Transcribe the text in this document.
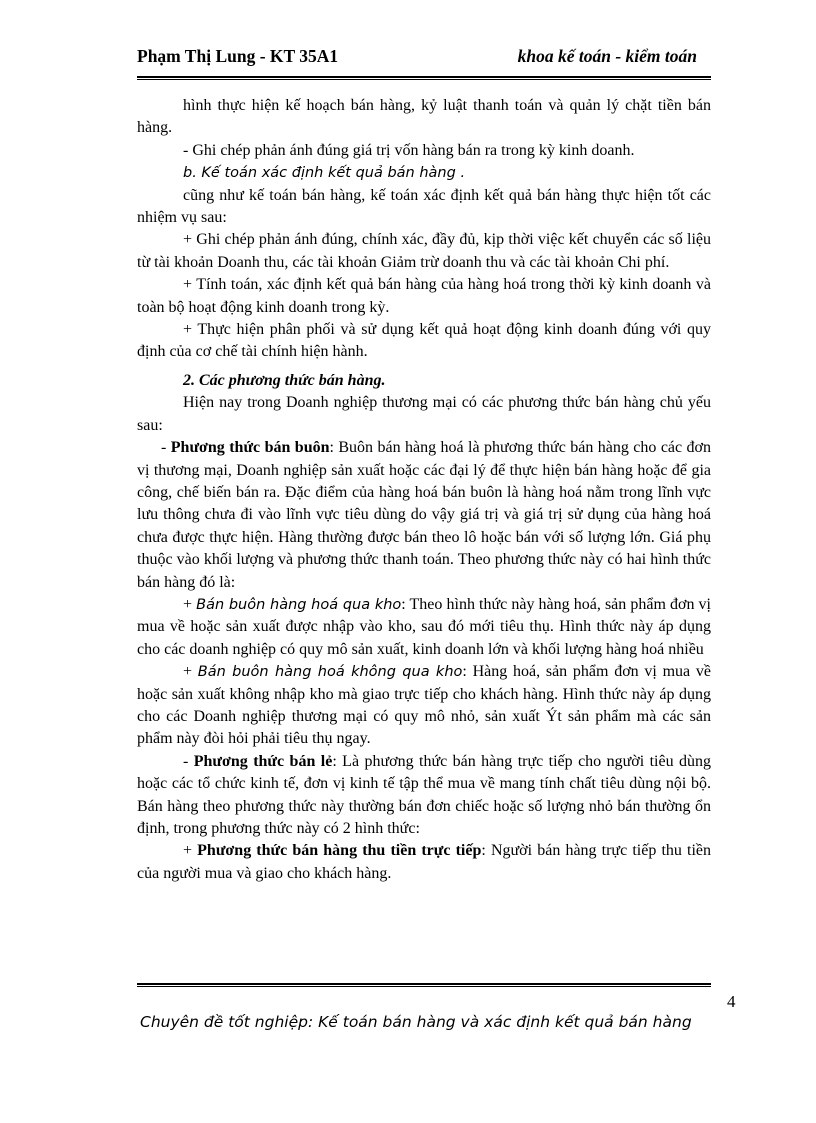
Phạm Thị Lung - KT 35A1	khoa kế toán - kiểm toán

hình thực hiện kế hoạch bán hàng, kỷ luật thanh toán và quản lý chặt tiền bán hàng.

- Ghi chép phản ánh đúng giá trị vốn hàng bán ra trong kỳ kinh doanh.

b. Kế toán xác định kết quả bán hàng .

cũng như kế toán bán hàng, kế toán xác định kết quả bán hàng thực hiện tốt các nhiệm vụ sau:

+ Ghi chép phản ánh đúng, chính xác, đầy đủ, kịp thời việc kết chuyển các số liệu từ tài khoản Doanh thu, các tài khoản Giảm trừ doanh thu và các tài khoản Chi phí.

+ Tính toán, xác định kết quả bán hàng của hàng hoá trong thời kỳ kinh doanh và toàn bộ hoạt động kinh doanh trong kỳ.

+ Thực hiện phân phối và sử dụng kết quả hoạt động kinh doanh đúng với quy định của cơ chế tài chính hiện hành.

2. Các phương thức bán hàng.

Hiện nay trong Doanh nghiệp thương mại có các phương thức bán hàng chủ yếu sau:

- Phương thức bán buôn: Buôn bán hàng hoá là phương thức bán hàng cho các đơn vị thương mại, Doanh nghiệp sản xuất hoặc các đại lý để thực hiện bán hàng hoặc để gia công, chế biến bán ra. Đặc điểm của hàng hoá bán buôn là hàng hoá nằm trong lĩnh vực lưu thông chưa đi vào lĩnh vực tiêu dùng do vậy giá trị và giá trị sử dụng của hàng hoá chưa được thực hiện. Hàng thường được bán theo lô hoặc bán với số lượng lớn. Giá phụ thuộc vào khối lượng và phương thức thanh toán. Theo phương thức này có hai hình thức bán hàng đó là:

+ Bán buôn hàng hoá qua kho: Theo hình thức này hàng hoá, sản phẩm đơn vị mua về hoặc sản xuất được nhập vào kho, sau đó mới tiêu thụ. Hình thức này áp dụng cho các doanh nghiệp có quy mô sản xuất, kinh doanh lớn và khối lượng hàng hoá nhiều

+ Bán buôn hàng hoá không qua kho: Hàng hoá, sản phẩm đơn vị mua về hoặc sản xuất không nhập kho mà giao trực tiếp cho khách hàng. Hình thức này áp dụng cho các Doanh nghiệp thương mại có quy mô nhỏ, sản xuất Ýt sản phẩm mà các sản phẩm này đòi hỏi phải tiêu thụ ngay.

- Phương thức bán lẻ: Là phương thức bán hàng trực tiếp cho người tiêu dùng hoặc các tổ chức kinh tế, đơn vị kinh tế tập thể mua về mang tính chất tiêu dùng nội bộ. Bán hàng theo phương thức này thường bán đơn chiếc hoặc số lượng nhỏ bán thường ổn định, trong phương thức này có 2 hình thức:

+ Phương thức bán hàng thu tiền trực tiếp: Người bán hàng trực tiếp thu tiền của người mua và giao cho khách hàng.

4
Chuyên đề tốt nghiệp: Kế toán bán hàng và xác định kết quả bán hàng
